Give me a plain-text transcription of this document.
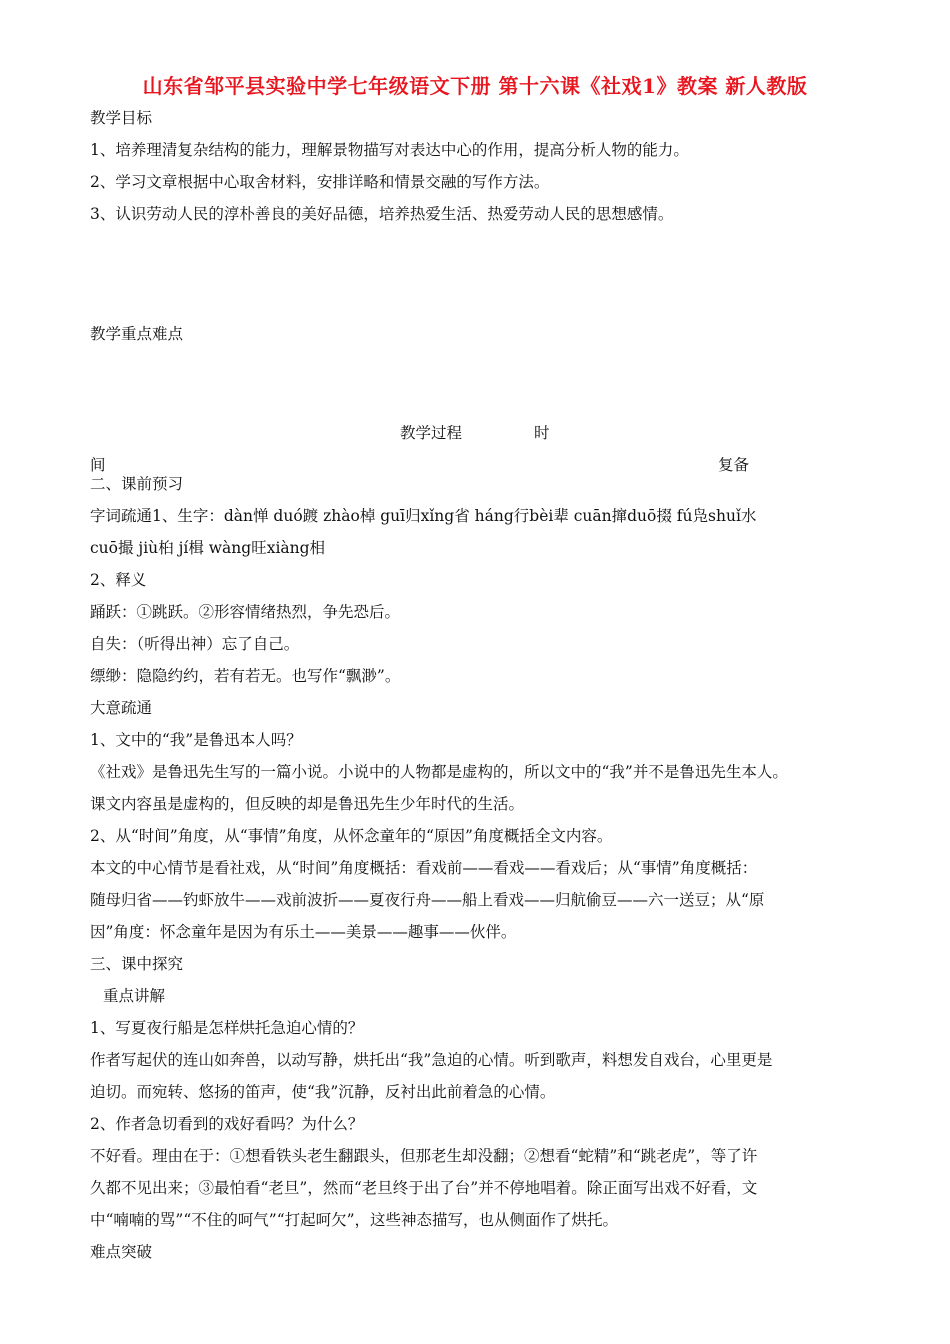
山东省邹平县实验中学七年级语文下册 第十六课《社戏1》教案 新人教版
教学目标
1、培养理清复杂结构的能力，理解景物描写对表达中心的作用，提高分析人物的能力。
2、学习文章根据中心取舍材料，安排详略和情景交融的写作方法。
3、认识劳动人民的淳朴善良的美好品德，培养热爱生活、热爱劳动人民的思想感情。
教学重点难点
教学过程	时
间	复备
二、课前预习
字词疏通1、生字：dàn惮 duó踱 zhào棹 guī归xǐng省 háng行bèi辈 cuān撺duō掇 fú凫shuǐ水
cuō撮 jiù桕 jí楫 wàng旺xiàng相
2、释义
踊跃：①跳跃。②形容情绪热烈，争先恐后。
自失：（听得出神）忘了自己。
缥缈：隐隐约约，若有若无。也写作“飘渺”。
大意疏通
1、文中的“我”是鲁迅本人吗？
《社戏》是鲁迅先生写的一篇小说。小说中的人物都是虚构的，所以文中的“我”并不是鲁迅先生本人。
课文内容虽是虚构的，但反映的却是鲁迅先生少年时代的生活。
2、从“时间”角度，从“事情”角度，从怀念童年的“原因”角度概括全文内容。
本文的中心情节是看社戏，从“时间”角度概括：看戏前——看戏——看戏后；从“事情”角度概括：
随母归省——钓虾放牛——戏前波折——夏夜行舟——船上看戏——归航偷豆——六一送豆；从“原
因”角度：怀念童年是因为有乐土——美景——趣事——伙伴。
三、课中探究
重点讲解
1、写夏夜行船是怎样烘托急迫心情的？
作者写起伏的连山如奔兽，以动写静，烘托出“我”急迫的心情。听到歌声，料想发自戏台，心里更是
迫切。而宛转、悠扬的笛声，使“我”沉静，反衬出此前着急的心情。
2、作者急切看到的戏好看吗？为什么？
不好看。理由在于：①想看铁头老生翻跟头，但那老生却没翻；②想看“蛇精”和“跳老虎”，等了许
久都不见出来；③最怕看“老旦”，然而“老旦终于出了台”并不停地唱着。除正面写出戏不好看，文
中“喃喃的骂”“不住的呵气”“打起呵欠”，这些神态描写，也从侧面作了烘托。
难点突破
